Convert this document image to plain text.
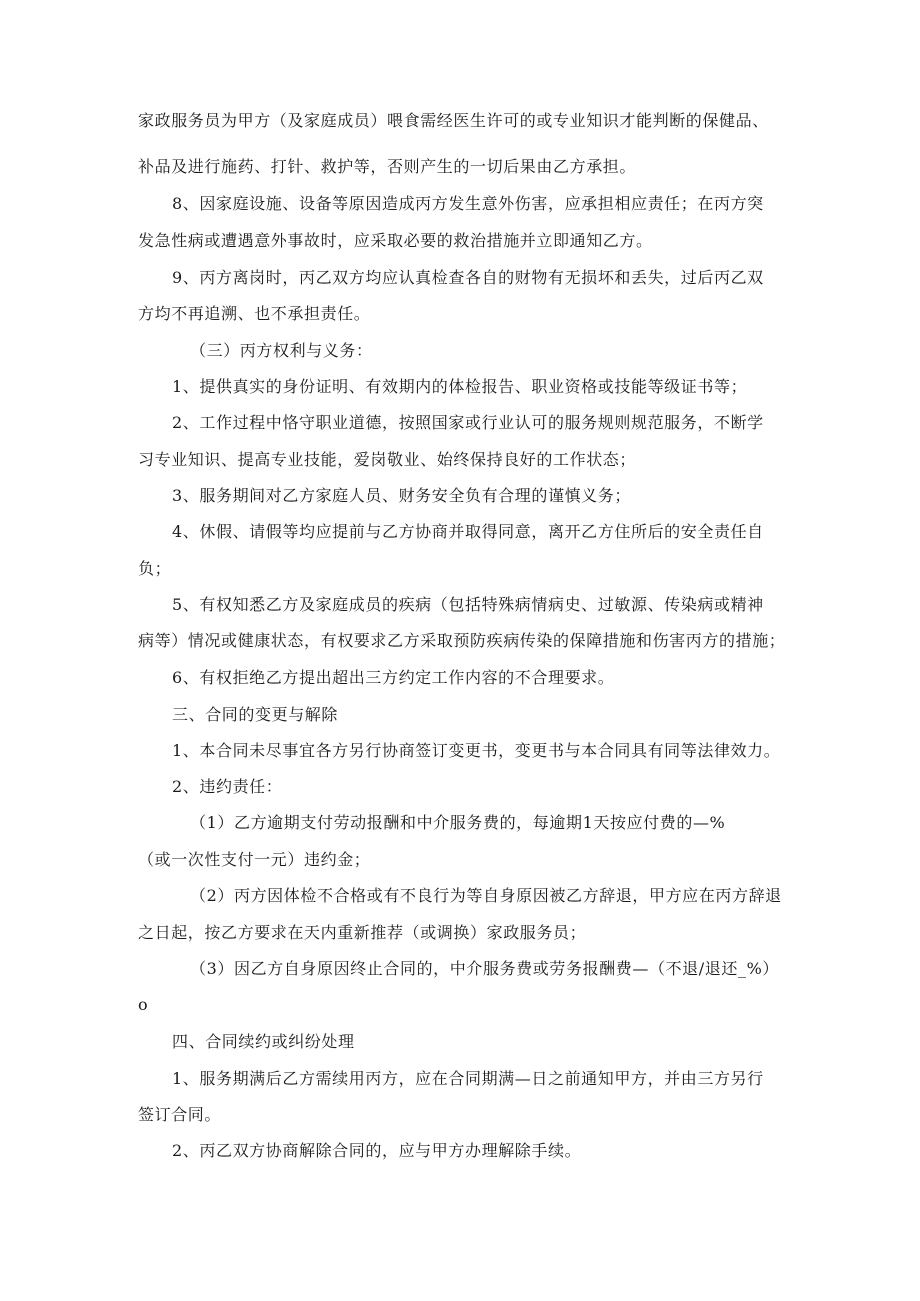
家政服务员为甲方（及家庭成员）喂食需经医生许可的或专业知识才能判断的保健品、
补品及进行施药、打针、救护等，否则产生的一切后果由乙方承担。
8、因家庭设施、设备等原因造成丙方发生意外伤害，应承担相应责任；在丙方突
发急性病或遭遇意外事故时，应采取必要的救治措施并立即通知乙方。
9、丙方离岗时，丙乙双方均应认真检查各自的财物有无损坏和丢失，过后丙乙双
方均不再追溯、也不承担责任。
（三）丙方权利与义务：
1、提供真实的身份证明、有效期内的体检报告、职业资格或技能等级证书等；
2、工作过程中恪守职业道德，按照国家或行业认可的服务规则规范服务，不断学
习专业知识、提高专业技能，爱岗敬业、始终保持良好的工作状态；
3、服务期间对乙方家庭人员、财务安全负有合理的谨慎义务；
4、休假、请假等均应提前与乙方协商并取得同意，离开乙方住所后的安全责任自
负；
5、有权知悉乙方及家庭成员的疾病（包括特殊病情病史、过敏源、传染病或精神
病等）情况或健康状态，有权要求乙方采取预防疾病传染的保障措施和伤害丙方的措施；
6、有权拒绝乙方提出超出三方约定工作内容的不合理要求。
三、合同的变更与解除
1、本合同未尽事宜各方另行协商签订变更书，变更书与本合同具有同等法律效力。
2、违约责任：
（1）乙方逾期支付劳动报酬和中介服务费的，每逾期1天按应付费的—%
（或一次性支付一元）违约金；
（2）丙方因体检不合格或有不良行为等自身原因被乙方辞退，甲方应在丙方辞退
之日起，按乙方要求在天内重新推荐（或调换）家政服务员；
（3）因乙方自身原因终止合同的，中介服务费或劳务报酬费—（不退/退还_%）
o
四、合同续约或纠纷处理
1、服务期满后乙方需续用丙方，应在合同期满—日之前通知甲方，并由三方另行
签订合同。
2、丙乙双方协商解除合同的，应与甲方办理解除手续。
